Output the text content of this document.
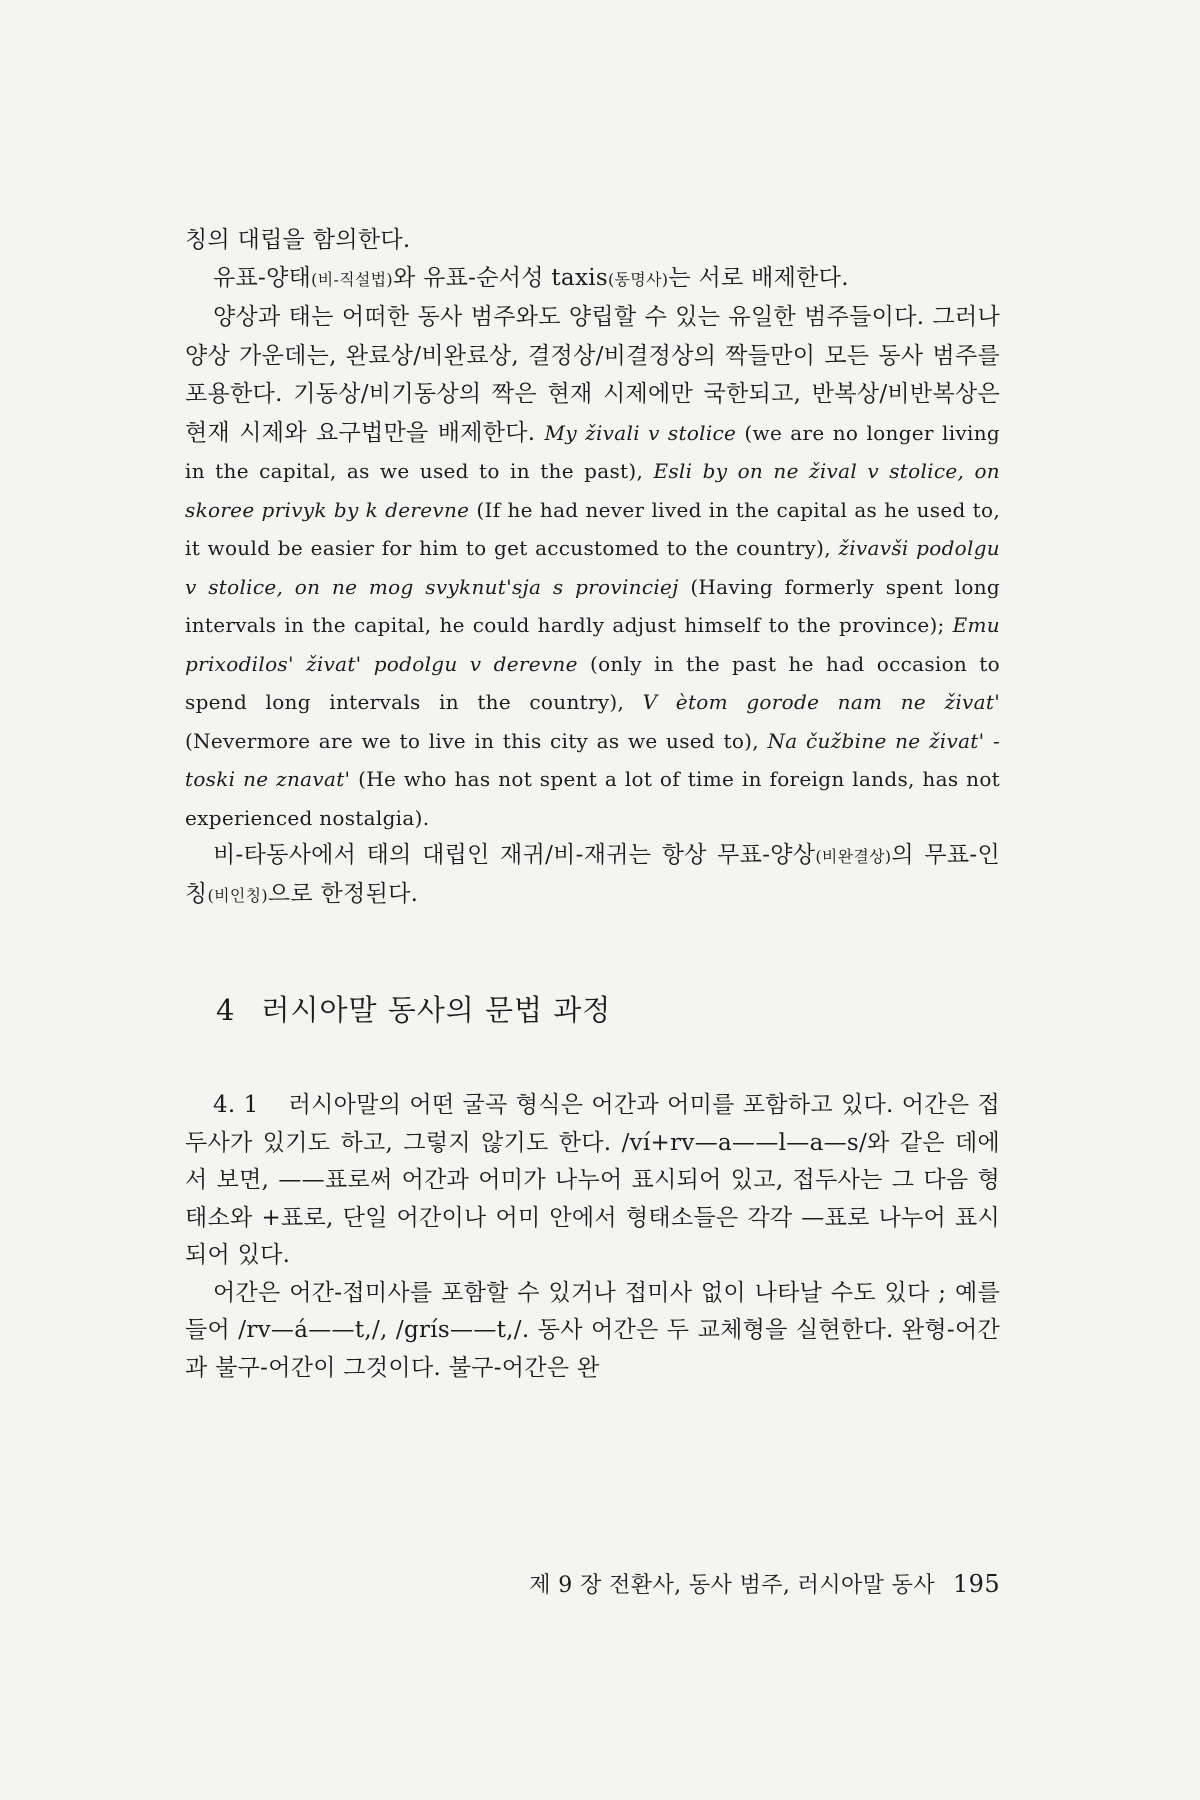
칭의 대립을 함의한다.

유표-양태(비-직설법)와 유표-순서성 taxis(동명사)는 서로 배제한다.

양상과 태는 어떠한 동사 범주와도 양립할 수 있는 유일한 범주들이다. 그러나 양상 가운데는, 완료상/비완료상, 결정상/비결정상의 짝들만이 모든 동사 범주를 포용한다. 기동상/비기동상의 짝은 현재 시제에만 국한되고, 반복상/비반복상은 현재 시제와 요구법만을 배제한다. My živali v stolice (we are no longer living in the capital, as we used to in the past), Esli by on ne žival v stolice, on skoree privyk by k derevne (If he had never lived in the capital as he used to, it would be easier for him to get accustomed to the country), živavši podolgu v stolice, on ne mog svyknut'sja s provinciej (Having formerly spent long intervals in the capital, he could hardly adjust himself to the province); Emu prixodilos' živat' podolgu v derevne (only in the past he had occasion to spend long intervals in the country), V ètom gorode nam ne živat' (Nevermore are we to live in this city as we used to), Na čužbine ne živat' -toski ne znavat' (He who has not spent a lot of time in foreign lands, has not experienced nostalgia).

비-타동사에서 태의 대립인 재귀/비-재귀는 항상 무표-양상(비완결상)의 무표-인칭(비인칭)으로 한정된다.

4 러시아말 동사의 문법 과정

4. 1 러시아말의 어떤 굴곡 형식은 어간과 어미를 포함하고 있다. 어간은 접두사가 있기도 하고, 그렇지 않기도 한다. /ví+rv—a——l—a—s/와 같은 데에서 보면, ——표로써 어간과 어미가 나누어 표시되어 있고, 접두사는 그 다음 형태소와 +표로, 단일 어간이나 어미 안에서 형태소들은 각각 —표로 나누어 표시되어 있다.

어간은 어간-접미사를 포함할 수 있거나 접미사 없이 나타날 수도 있다 ; 예를 들어 /rv—á——t,/, /grís——t,/. 동사 어간은 두 교체형을 실현한다. 완형-어간과 불구-어간이 그것이다. 불구-어간은 완

제 9 장 전환사, 동사 범주, 러시아말 동사 195
